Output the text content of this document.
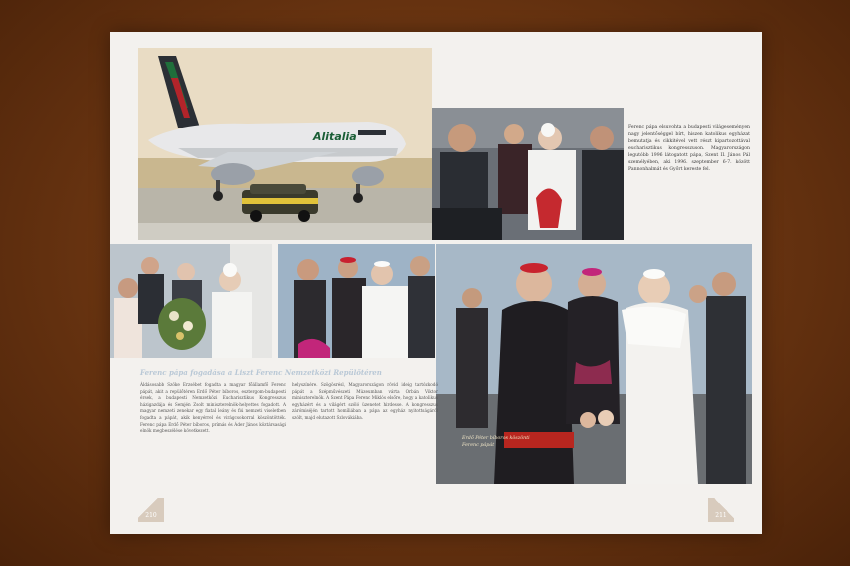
Alitalia
Ferenc pápa elsuvohta a budapesti világeseményen nagy jelentőséggel bírt, hiszen katolikus egyházat bemutatja és cikkitével vett részt kipartozottával eucharisztikus kongresszuson. Magyarországon legutóbb 1996 látogatott pápa, Szent II. János Pál személyében, aki 1996. szeptember 6-7. között Pannonhalmát és Győrt kereste fel.
Ferenc pápa fogadása a Liszt Ferenc Nemzetközi Repülőtéren
Áldásosabb Szöke Erzsébet fogadta a magyar főállamfő Ferenc pápát, akit a repülőtéren Erdő Péter bíboros, esztergom-budapesti érsek, a budapesti Nemzetközi Eucharisztikus Kongresszus házigazdája és Semjén Zsolt miniszterelnök-helyettes fogadott. A magyar nemzeti zenekar egy fiatal leány és fiú nemzeti viseletben fogadta a pápát, akik kenyérrel és virágcsokorral köszöntötték. Ferenc pápa Erdő Péter bíboros, prímás és Áder János köztársasági elnök megbeszélése következett.
helyszínére. Szögösrésl, Magyarországon rövid ideig tartózkodó pápát a Szépművészeti Múzeumban várta Orbán Viktor miniszterelnök. A Szent Pápa Ferenc Miklós elsőre, hogy a katolikus egyházért és a világért szóló üzenetet hirdesse. A kongresszus zárómiséjén tartott homíliában a pápa az egyház nyitottságáról szólt, majd elutazott Szlovákiába.
Erdő Péter bíboros köszönti Ferenc pápát
210	211
